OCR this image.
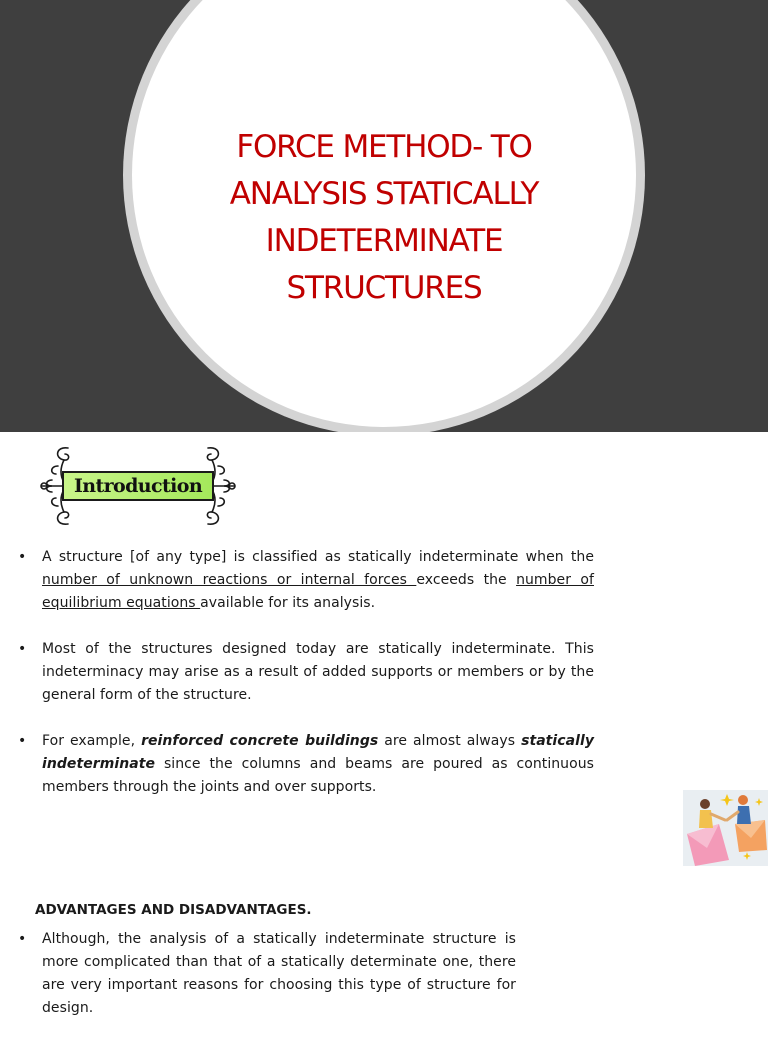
FORCE METHOD- TO ANALYSIS STATICALLY INDETERMINATE STRUCTURES
Introduction
• A structure [of any type] is classified as statically indeterminate when the number of unknown reactions or internal forces exceeds the number of equilibrium equations available for its analysis.
• Most of the structures designed today are statically indeterminate. This indeterminacy may arise as a result of added supports or members or by the general form of the structure.
• For example, reinforced concrete buildings are almost always statically indeterminate since the columns and beams are poured as continuous members through the joints and over supports.
ADVANTAGES AND DISADVANTAGES.
• Although, the analysis of a statically indeterminate structure is more complicated than that of a statically determinate one, there are very important reasons for choosing this type of structure for design.
